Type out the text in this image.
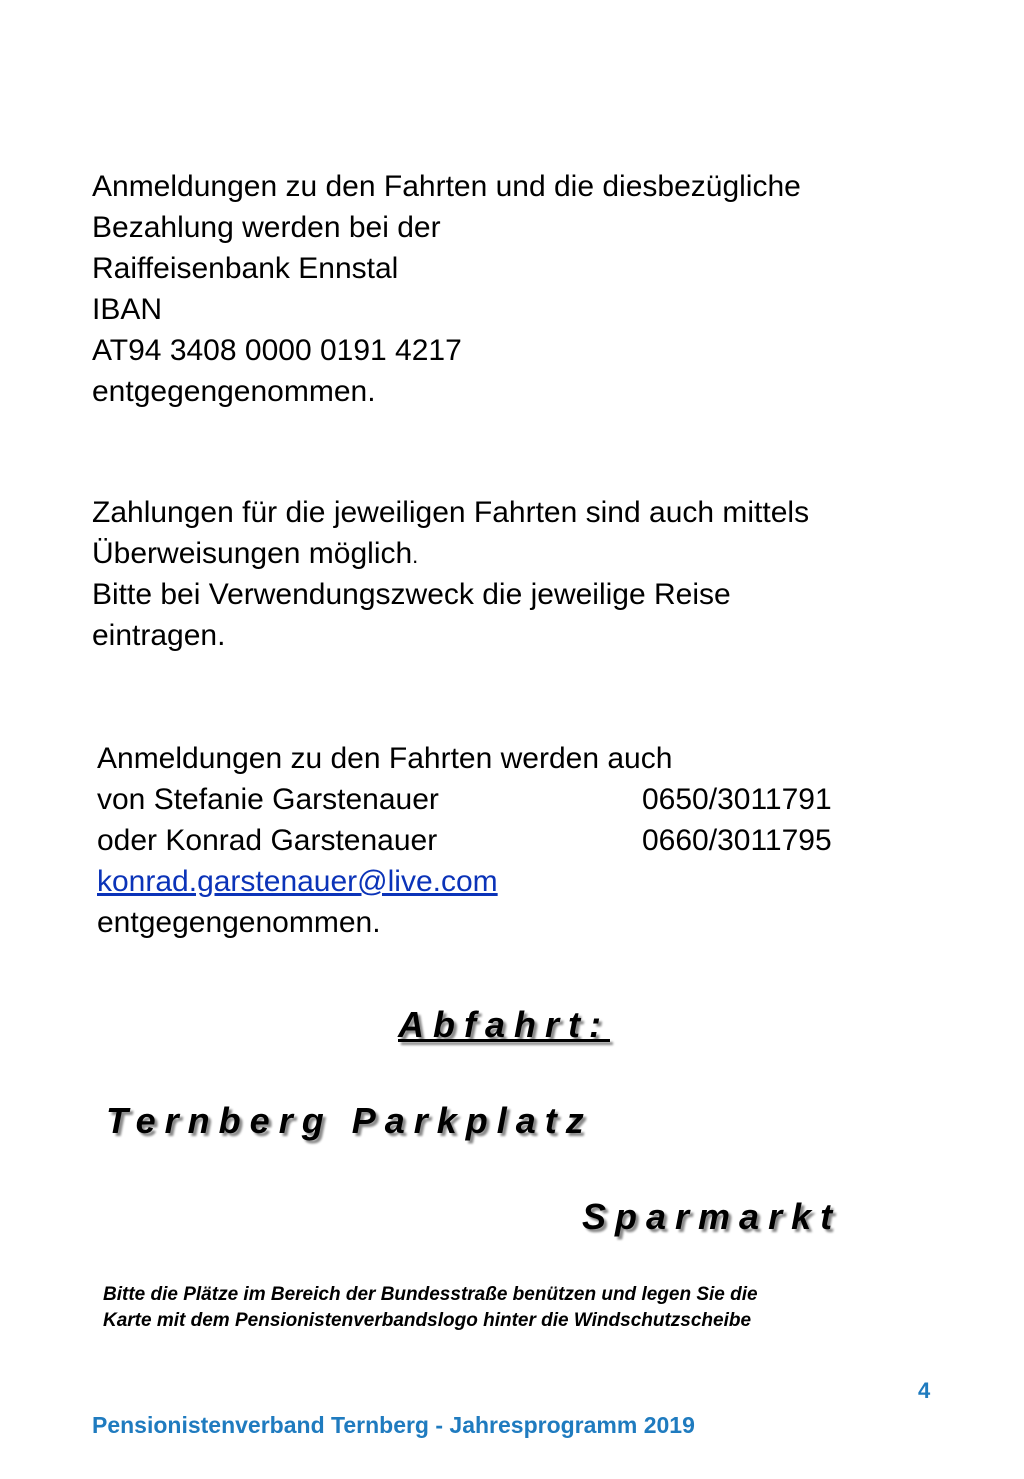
Anmeldungen zu den Fahrten und die diesbezügliche
Bezahlung werden bei der
Raiffeisenbank Ennstal
IBAN
AT94 3408 0000 0191 4217
entgegengenommen.
Zahlungen für die jeweiligen Fahrten sind auch mittels
Überweisungen möglich.
Bitte bei Verwendungszweck die jeweilige Reise
eintragen.
Anmeldungen zu den Fahrten werden auch
von Stefanie Garstenauer	0650/3011791
oder Konrad Garstenauer	0660/3011795
konrad.garstenauer@live.com
entgegengenommen.
Abfahrt:
Ternberg Parkplatz
Sparmarkt
Bitte die Plätze im Bereich der Bundesstraße benützen und legen Sie die
Karte mit dem Pensionistenverbandslogo hinter die Windschutzscheibe
Pensionistenverband Ternberg - Jahresprogramm 2019
4
